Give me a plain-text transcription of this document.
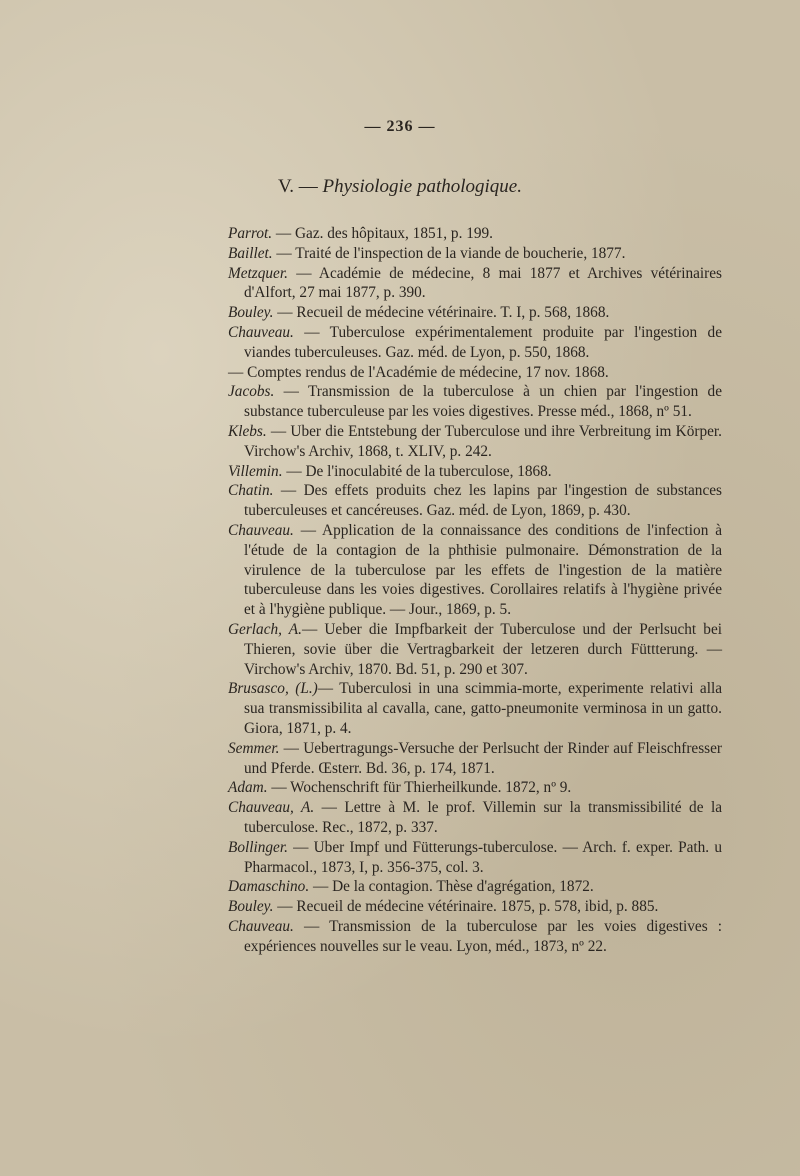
— 236 —
V. — Physiologie pathologique.

Parrot. — Gaz. des hôpitaux, 1851, p. 199.

Baillet. — Traité de l'inspection de la viande de boucherie, 1877.

Metzquer. — Académie de médecine, 8 mai 1877 et Archives vétérinaires d'Alfort, 27 mai 1877, p. 390.

Bouley. — Recueil de médecine vétérinaire. T. I, p. 568, 1868.

Chauveau. — Tuberculose expérimentalement produite par l'ingestion de viandes tuberculeuses. Gaz. méd. de Lyon, p. 550, 1868.

— Comptes rendus de l'Académie de médecine, 17 nov. 1868.

Jacobs. — Transmission de la tuberculose à un chien par l'ingestion de substance tuberculeuse par les voies digestives. Presse méd., 1868, nº 51.

Klebs. — Uber die Entstebung der Tuberculose und ihre Verbreitung im Körper. Virchow's Archiv, 1868, t. XLIV, p. 242.

Villemin. — De l'inoculabité de la tuberculose, 1868.

Chatin. — Des effets produits chez les lapins par l'ingestion de substances tuberculeuses et cancéreuses. Gaz. méd. de Lyon, 1869, p. 430.

Chauveau. — Application de la connaissance des conditions de l'infection à l'étude de la contagion de la phthisie pulmonaire. Démonstration de la virulence de la tuberculose par les effets de l'ingestion de la matière tuberculeuse dans les voies digestives. Corollaires relatifs à l'hygiène privée et à l'hygiène publique. — Jour., 1869, p. 5.

Gerlach, A.— Ueber die Impfbarkeit der Tuberculose und der Perlsucht bei Thieren, sovie über die Vertragbarkeit der letzeren durch Füttterung. — Virchow's Archiv, 1870. Bd. 51, p. 290 et 307.

Brusasco, (L.)— Tuberculosi in una scimmia-morte, experimente relativi alla sua transmissibilita al cavalla, cane, gatto-pneumonite verminosa in un gatto. Giora, 1871, p. 4.

Semmer. — Uebertragungs-Versuche der Perlsucht der Rinder auf Fleischfresser und Pferde. Œsterr. Bd. 36, p. 174, 1871.

Adam. — Wochenschrift für Thierheilkunde. 1872, nº 9.

Chauveau, A. — Lettre à M. le prof. Villemin sur la transmissibilité de la tuberculose. Rec., 1872, p. 337.

Bollinger. — Uber Impf und Fütterungs-tuberculose. — Arch. f. exper. Path. u Pharmacol., 1873, I, p. 356-375, col. 3.

Damaschino. — De la contagion. Thèse d'agrégation, 1872.

Bouley. — Recueil de médecine vétérinaire. 1875, p. 578, ibid, p. 885.

Chauveau. — Transmission de la tuberculose par les voies digestives : expériences nouvelles sur le veau. Lyon, méd., 1873, nº 22.
